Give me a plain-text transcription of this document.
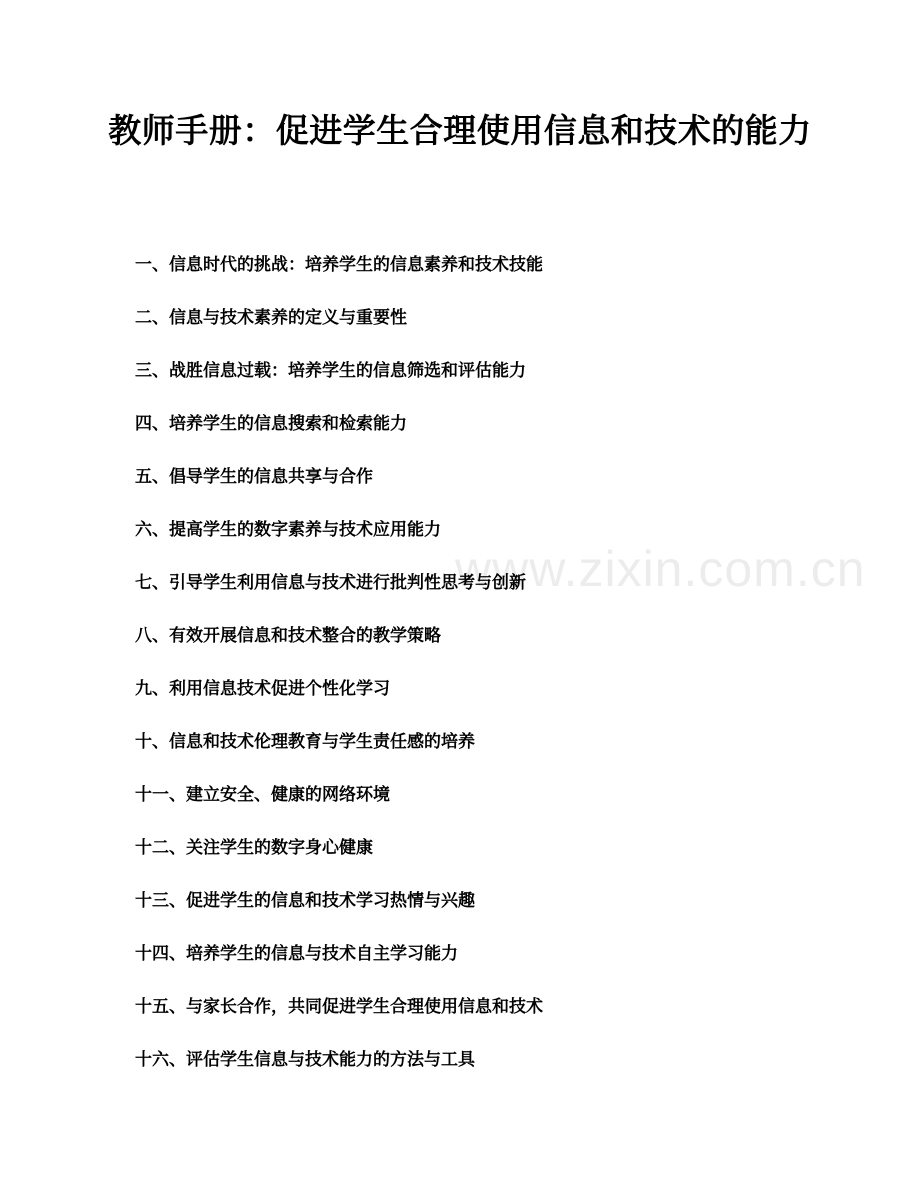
教师手册：促进学生合理使用信息和技术的能力
一、信息时代的挑战：培养学生的信息素养和技术技能
二、信息与技术素养的定义与重要性
三、战胜信息过载：培养学生的信息筛选和评估能力
四、培养学生的信息搜索和检索能力
五、倡导学生的信息共享与合作
六、提高学生的数字素养与技术应用能力
七、引导学生利用信息与技术进行批判性思考与创新
八、有效开展信息和技术整合的教学策略
九、利用信息技术促进个性化学习
十、信息和技术伦理教育与学生责任感的培养
十一、建立安全、健康的网络环境
十二、关注学生的数字身心健康
十三、促进学生的信息和技术学习热情与兴趣
十四、培养学生的信息与技术自主学习能力
十五、与家长合作，共同促进学生合理使用信息和技术
十六、评估学生信息与技术能力的方法与工具
www.zixin.com.cn
